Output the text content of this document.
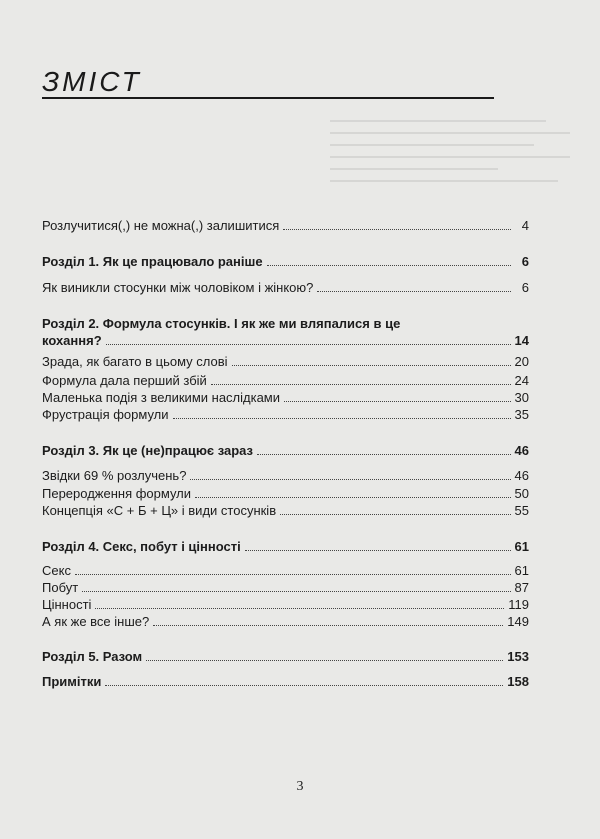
ЗМІСТ
Розлучитися(,) не можна(,) залишитися	4
Розділ 1. Як це працювало раніше	6
Як виникли стосунки між чоловіком і жінкою?	6
Розділ 2. Формула стосунків. І як же ми вляпалися в це
кохання?	14
Зрада, як багато в цьому слові	20
Формула дала перший збій	24
Маленька подія з великими наслідками	30
Фрустрація формули	35
Розділ 3. Як це (не)працює зараз	46
Звідки 69 % розлучень?	46
Переродження формули	50
Концепція «С + Б + Ц» і види стосунків	55
Розділ 4. Секс, побут і цінності	61
Секс	61
Побут	87
Цінності	119
А як же все інше?	149
Розділ 5. Разом	153
Примітки	158
3
